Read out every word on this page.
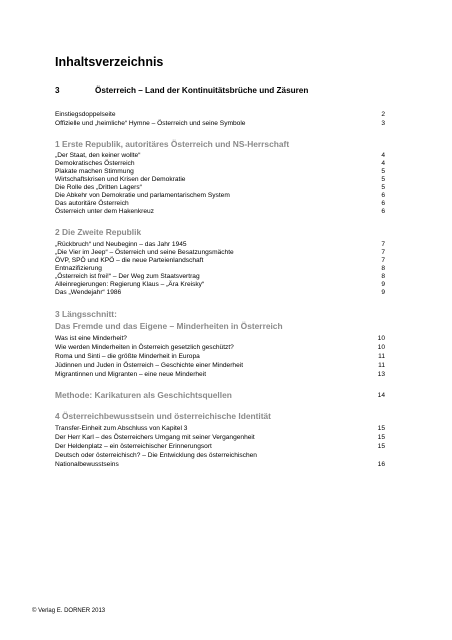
Inhaltsverzeichnis
3	Österreich – Land der Kontinuitätsbrüche und Zäsuren
Einstiegsdoppelseite	2
Offizielle und „heimliche“ Hymne – Österreich und seine Symbole	3
1 Erste Republik, autoritäres Österreich und NS-Herrschaft
„Der Staat, den keiner wollte“	4
Demokratisches Österreich	4
Plakate machen Stimmung	5
Wirtschaftskrisen und Krisen der Demokratie	5
Die Rolle des „Dritten Lagers“	5
Die Abkehr von Demokratie und parlamentarischem System	6
Das autoritäre Österreich	6
Österreich unter dem Hakenkreuz	6
2 Die Zweite Republik
„Rückbruch“ und Neubeginn – das Jahr 1945	7
„Die Vier im Jeep“ – Österreich und seine Besatzungsmächte	7
ÖVP, SPÖ und KPÖ – die neue Parteienlandschaft	7
Entnazifizierung	8
„Österreich ist frei!“ – Der Weg zum Staatsvertrag	8
Alleinregierungen: Regierung Klaus – „Ära Kreisky“	9
Das „Wendejahr“ 1986	9
3 Längsschnitt:
Das Fremde und das Eigene – Minderheiten in Österreich
Was ist eine Minderheit?	10
Wie werden Minderheiten in Österreich gesetzlich geschützt?	10
Roma und Sinti – die größte Minderheit in Europa	11
Jüdinnen und Juden in Österreich – Geschichte einer Minderheit	11
Migrantinnen und Migranten – eine neue Minderheit	13
Methode: Karikaturen als Geschichtsquellen	14
4 Österreichbewusstsein und österreichische Identität
Transfer-Einheit zum Abschluss von Kapitel 3	15
Der Herr Karl – des Österreichers Umgang mit seiner Vergangenheit	15
Der Heldenplatz – ein österreichischer Erinnerungsort	15
Deutsch oder österreichisch? – Die Entwicklung des österreichischen
Nationalbewusstseins	16
© Verlag E. DORNER 2013
